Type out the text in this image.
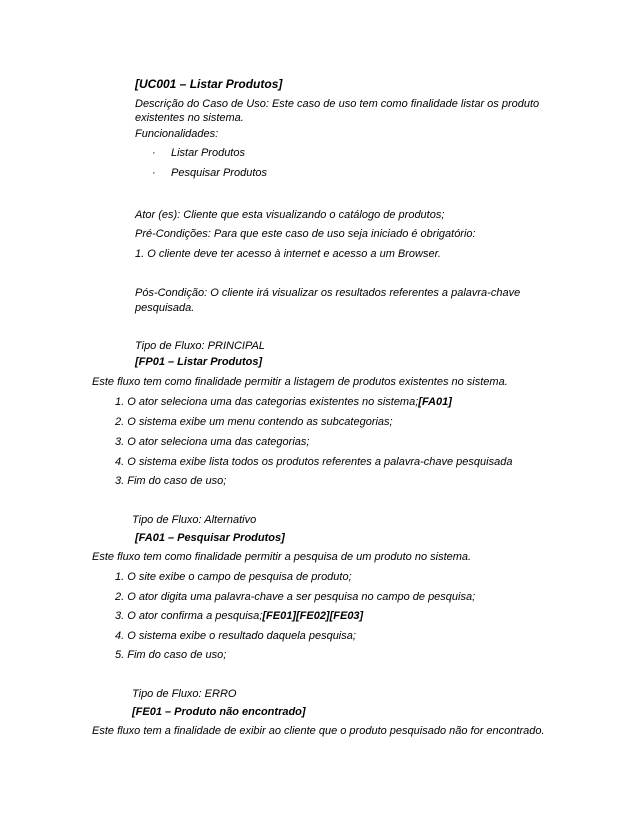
[UC001 – Listar Produtos]
Descrição do Caso de Uso: Este caso de uso tem como finalidade listar os produto
existentes no sistema.
Funcionalidades:
· Listar Produtos
· Pesquisar Produtos
Ator (es): Cliente que esta visualizando o catálogo de produtos;
Pré-Condições: Para que este caso de uso seja iniciado é obrigatório:
1. O cliente deve ter acesso à internet e acesso a um Browser.
Pós-Condição: O cliente irá visualizar os resultados referentes a palavra-chave
pesquisada.
Tipo de Fluxo: PRINCIPAL
[FP01 – Listar Produtos]
Este fluxo tem como finalidade permitir a listagem de produtos existentes no sistema.
1. O ator seleciona uma das categorias existentes no sistema;[FA01]
2. O sistema exibe um menu contendo as subcategorias;
3. O ator seleciona uma das categorias;
4. O sistema exibe lista todos os produtos referentes a palavra-chave pesquisada
3. Fim do caso de uso;
Tipo de Fluxo: Alternativo
[FA01 – Pesquisar Produtos]
Este fluxo tem como finalidade permitir a pesquisa de um produto no sistema.
1. O site exibe o campo de pesquisa de produto;
2. O ator digita uma palavra-chave a ser pesquisa no campo de pesquisa;
3. O ator confirma a pesquisa;[FE01][FE02][FE03]
4. O sistema exibe o resultado daquela pesquisa;
5. Fim do caso de uso;
Tipo de Fluxo: ERRO
[FE01 – Produto não encontrado]
Este fluxo tem a finalidade de exibir ao cliente que o produto pesquisado não for encontrado.
